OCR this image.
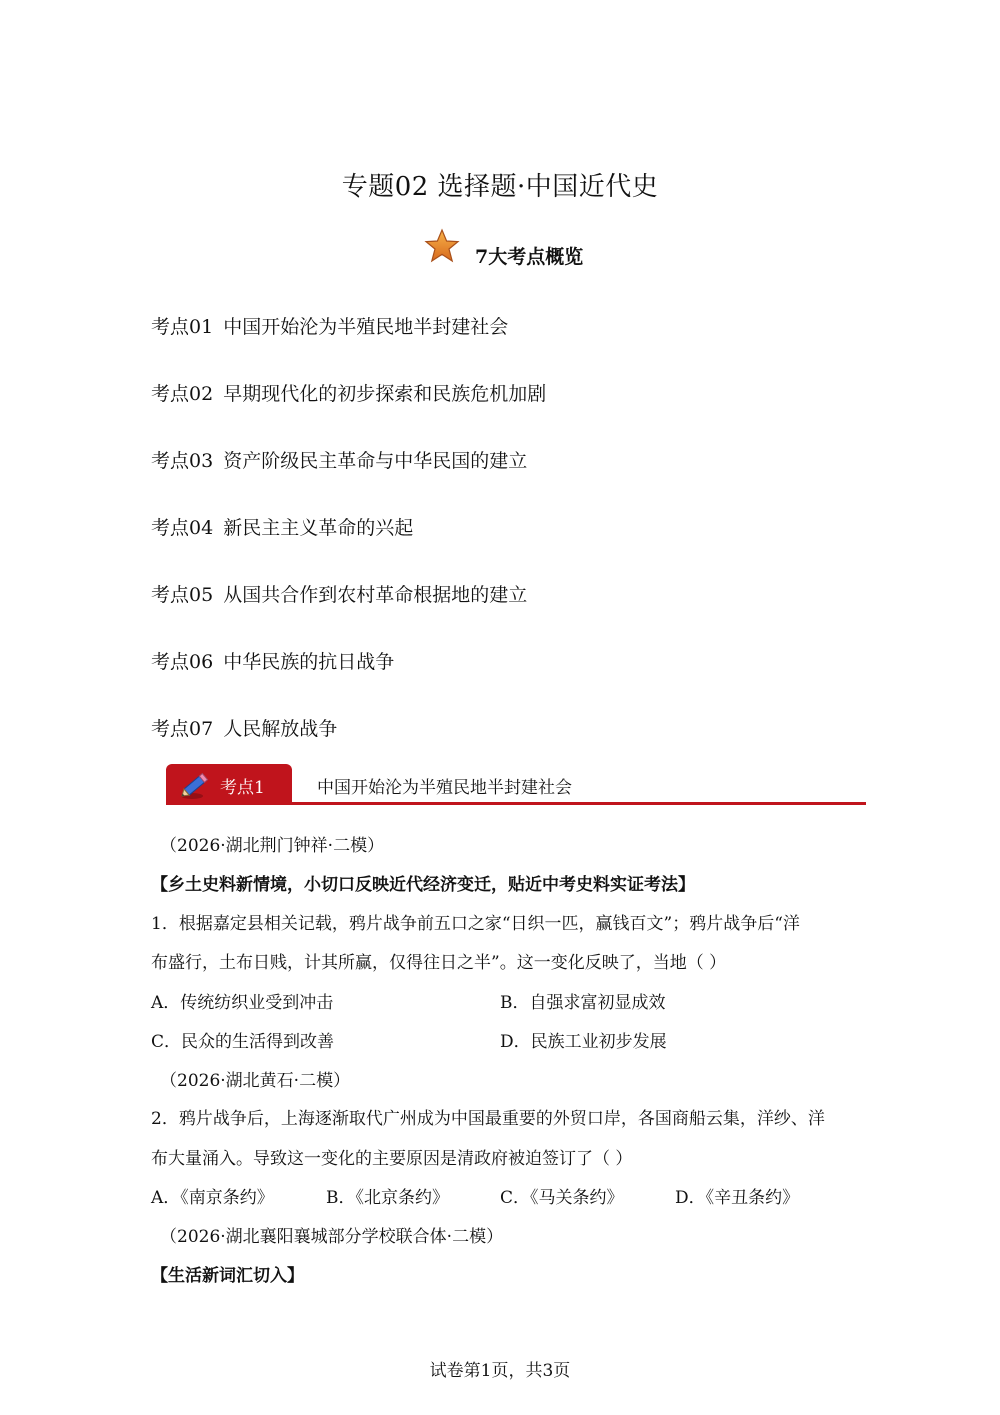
专题02 选择题·中国近代史
7大考点概览
考点01 中国开始沦为半殖民地半封建社会
考点02 早期现代化的初步探索和民族危机加剧
考点03 资产阶级民主革命与中华民国的建立
考点04 新民主主义革命的兴起
考点05 从国共合作到农村革命根据地的建立
考点06 中华民族的抗日战争
考点07 人民解放战争
考点1	中国开始沦为半殖民地半封建社会
（2026·湖北荆门钟祥·二模）
【乡土史料新情境，小切口反映近代经济变迁，贴近中考史料实证考法】
1．根据嘉定县相关记载，鸦片战争前五口之家“日织一匹，赢钱百文”；鸦片战争后“洋
布盛行，土布日贱，计其所赢，仅得往日之半”。这一变化反映了，当地（ ）
A．传统纺织业受到冲击	B．自强求富初显成效
C．民众的生活得到改善	D．民族工业初步发展
（2026·湖北黄石·二模）
2．鸦片战争后，上海逐渐取代广州成为中国最重要的外贸口岸，各国商船云集，洋纱、洋
布大量涌入。导致这一变化的主要原因是清政府被迫签订了（ ）
A．《南京条约》	B．《北京条约》	C．《马关条约》	D．《辛丑条约》
（2026·湖北襄阳襄城部分学校联合体·二模）
【生活新词汇切入】
试卷第1页，共3页
